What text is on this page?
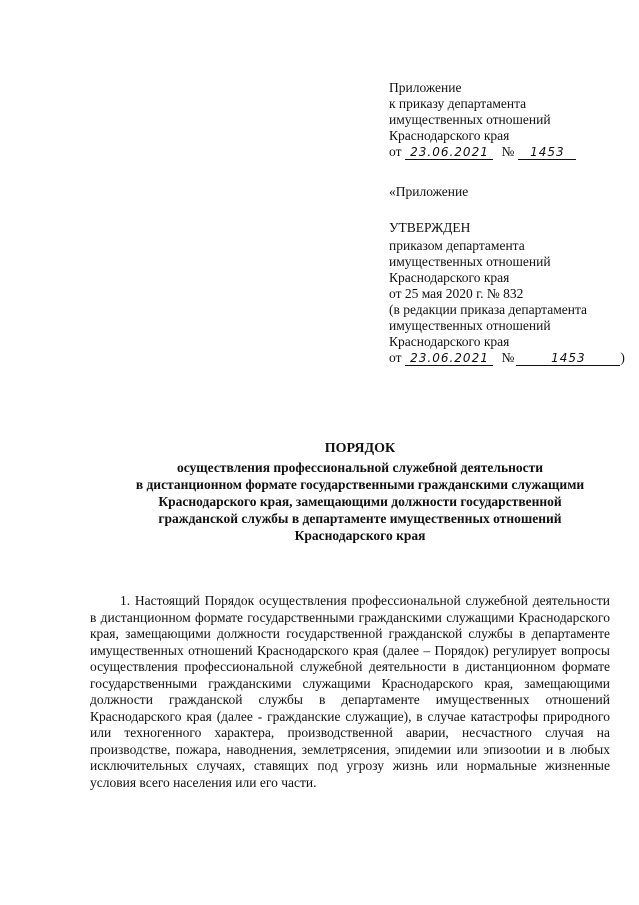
Приложение
к приказу департамента
имущественных отношений
Краснодарского края
от 23.06.2021 №	1453
«Приложение
УТВЕРЖДЕН
приказом департамента
имущественных отношений
Краснодарского края
от 25 мая 2020 г. № 832
(в редакции приказа департамента
имущественных отношений
Краснодарского края
от 23.06.2021 №	1453	)
ПОРЯДОК
осуществления профессиональной служебной деятельности
в дистанционном формате государственными гражданскими служащими
Краснодарского края, замещающими должности государственной
гражданской службы в департаменте имущественных отношений
Краснодарского края
1. Настоящий Порядок осуществления профессиональной служебной деятельности в дистанционном формате государственными гражданскими служащими Краснодарского края, замещающими должности государственной гражданской службы в департаменте имущественных отношений Краснодарского края (далее – Порядок) регулирует вопросы осуществления профессиональной служебной деятельности в дистанционном формате государственными гражданскими служащими Краснодарского края, замещающими должности гражданской службы в департаменте имущественных отношений Краснодарского края (далее - гражданские служащие), в случае катастрофы природного или техногенного характера, производственной аварии, несчастного случая на производстве, пожара, наводнения, землетрясения, эпидемии или эпизootии и в любых исключительных случаях, ставящих под угрозу жизнь или нормальные жизненные условия всего населения или его части.
